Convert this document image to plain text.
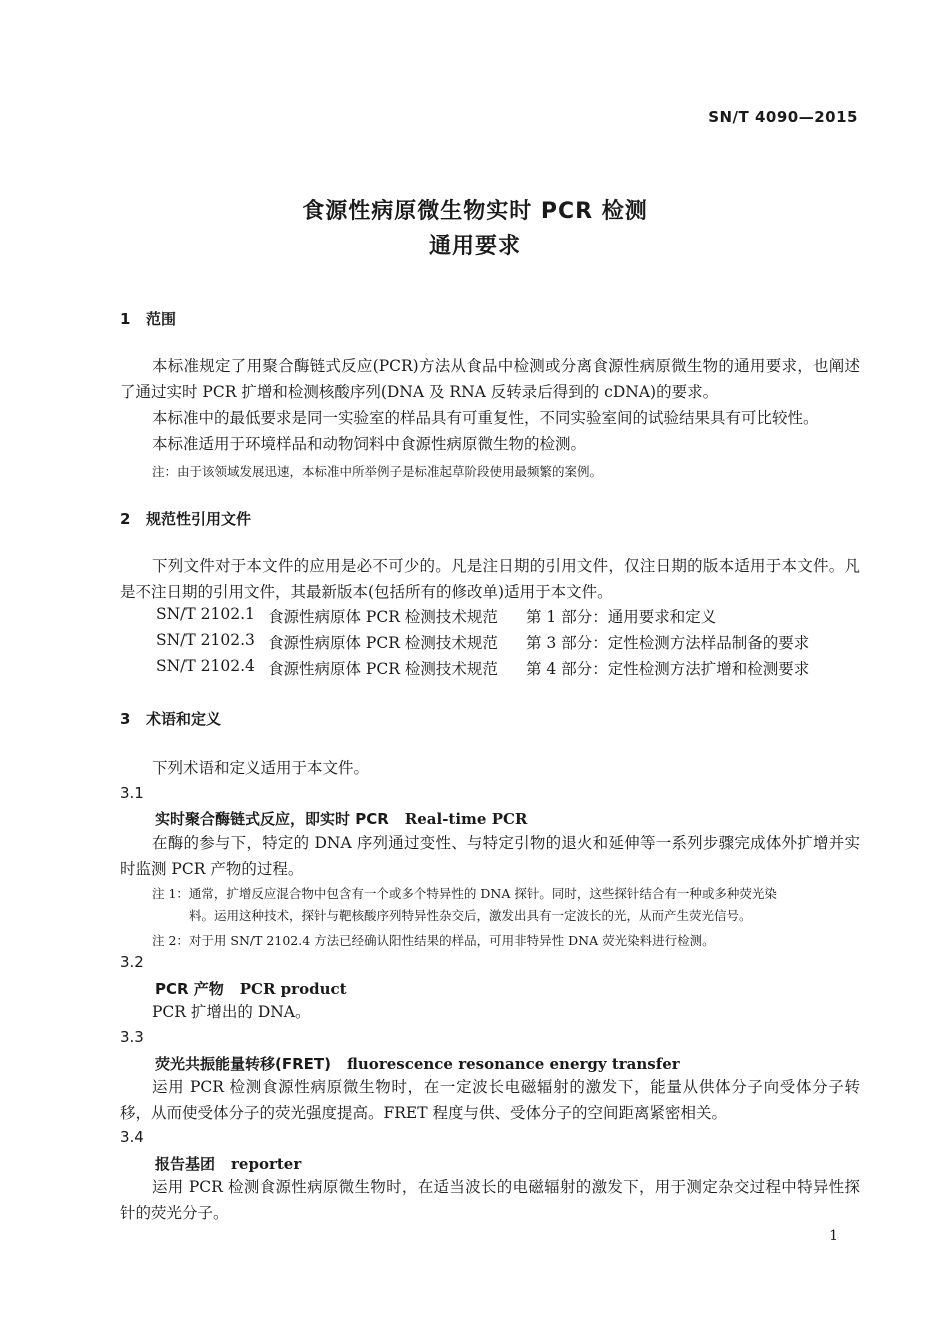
SN/T 4090—2015
食源性病原微生物实时 PCR 检测
通用要求
1 范围
本标准规定了用聚合酶链式反应(PCR)方法从食品中检测或分离食源性病原微生物的通用要求，也阐述了通过实时 PCR 扩增和检测核酸序列(DNA 及 RNA 反转录后得到的 cDNA)的要求。
本标准中的最低要求是同一实验室的样品具有可重复性，不同实验室间的试验结果具有可比较性。
本标准适用于环境样品和动物饲料中食源性病原微生物的检测。
注：由于该领域发展迅速，本标准中所举例子是标准起草阶段使用最频繁的案例。
2 规范性引用文件
下列文件对于本文件的应用是必不可少的。凡是注日期的引用文件，仅注日期的版本适用于本文件。凡是不注日期的引用文件，其最新版本(包括所有的修改单)适用于本文件。
SN/T 2102.1 食源性病原体 PCR 检测技术规范 第 1 部分：通用要求和定义
SN/T 2102.3 食源性病原体 PCR 检测技术规范 第 3 部分：定性检测方法样品制备的要求
SN/T 2102.4 食源性病原体 PCR 检测技术规范 第 4 部分：定性检测方法扩增和检测要求
3 术语和定义
下列术语和定义适用于本文件。
3.1
实时聚合酶链式反应，即实时 PCR Real-time PCR
在酶的参与下，特定的 DNA 序列通过变性、与特定引物的退火和延伸等一系列步骤完成体外扩增并实时监测 PCR 产物的过程。
注 1：通常，扩增反应混合物中包含有一个或多个特异性的 DNA 探针。同时，这些探针结合有一种或多种荧光染
料。运用这种技术，探针与靶核酸序列特异性杂交后，激发出具有一定波长的光，从而产生荧光信号。
注 2：对于用 SN/T 2102.4 方法已经确认阳性结果的样品，可用非特异性 DNA 荧光染料进行检测。
3.2
PCR 产物 PCR product
PCR 扩增出的 DNA。
3.3
荧光共振能量转移(FRET) fluorescence resonance energy transfer
运用 PCR 检测食源性病原微生物时，在一定波长电磁辐射的激发下，能量从供体分子向受体分子转移，从而使受体分子的荧光强度提高。FRET 程度与供、受体分子的空间距离紧密相关。
3.4
报告基团 reporter
运用 PCR 检测食源性病原微生物时，在适当波长的电磁辐射的激发下，用于测定杂交过程中特异性探针的荧光分子。
1
